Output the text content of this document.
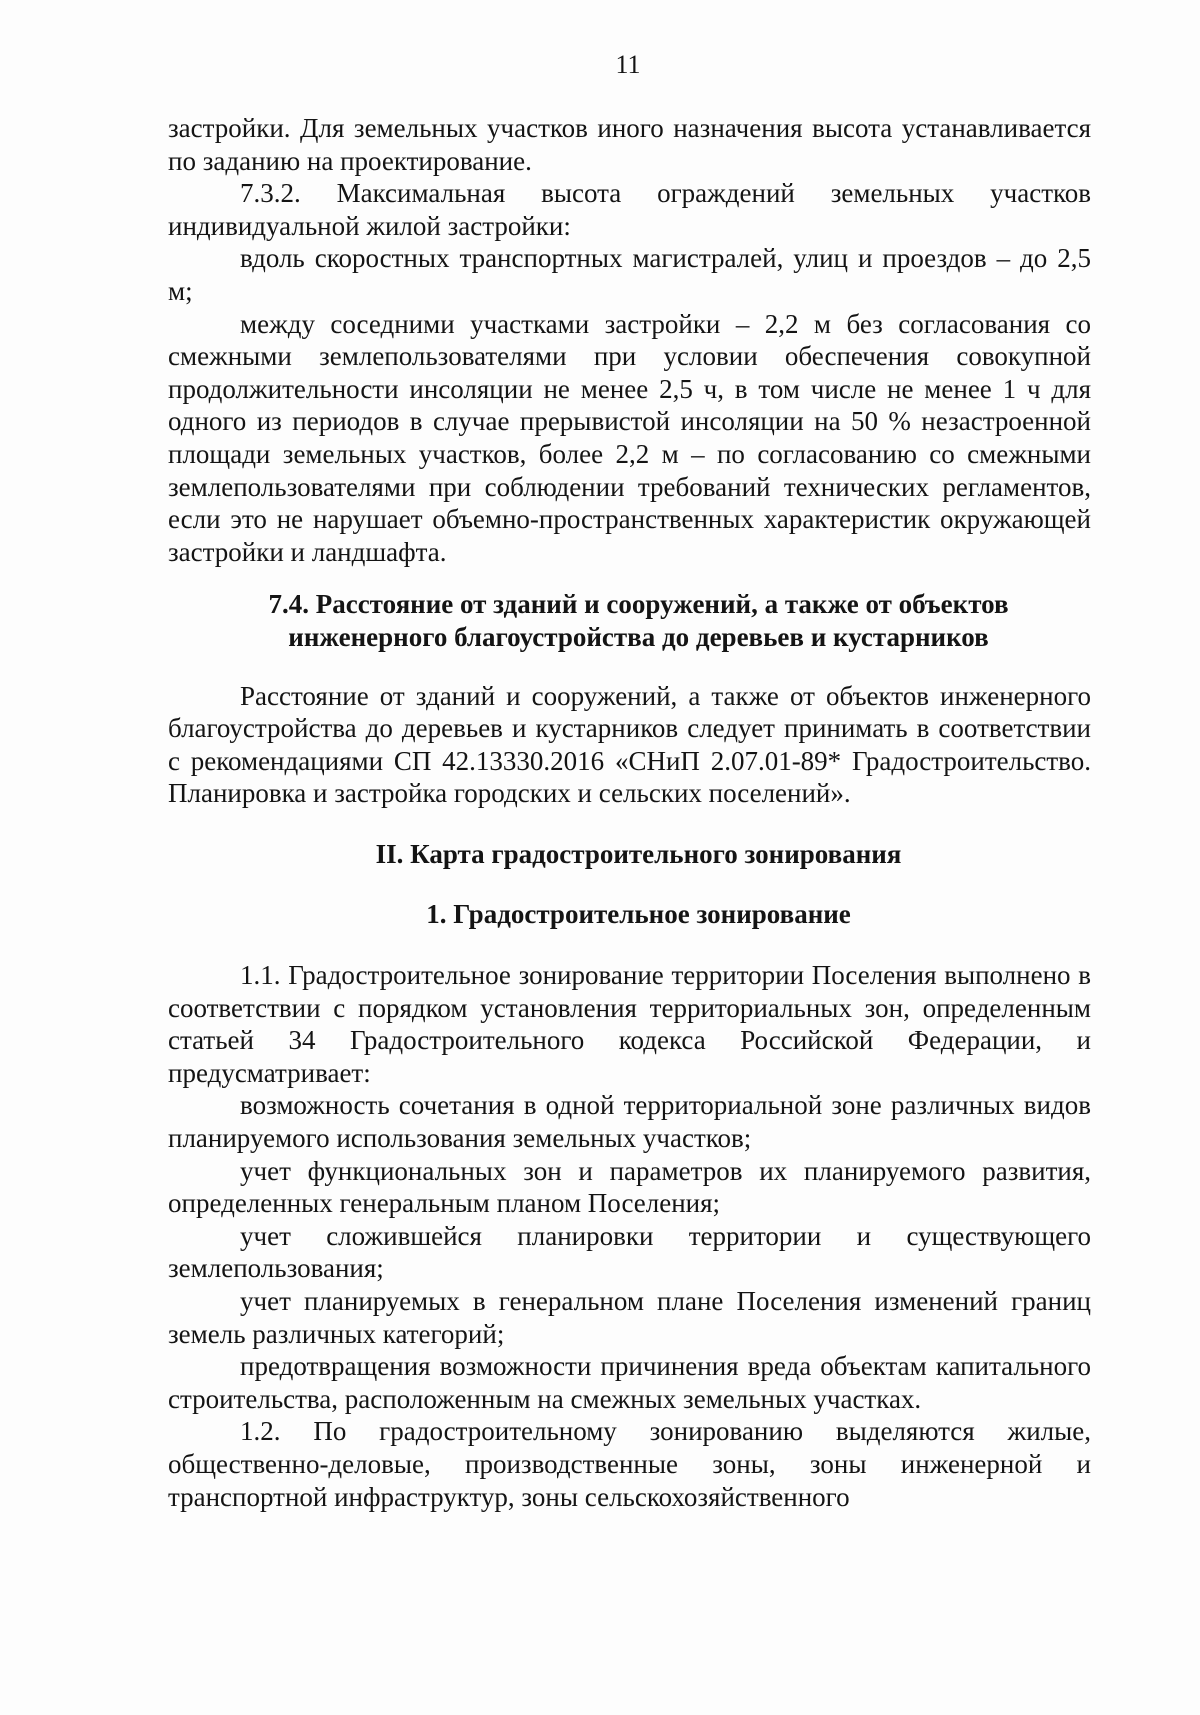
11

застройки. Для земельных участков иного назначения высота устанавливается по заданию на проектирование.

7.3.2. Максимальная высота ограждений земельных участков индивидуальной жилой застройки:

вдоль скоростных транспортных магистралей, улиц и проездов – до 2,5 м;

между соседними участками застройки – 2,2 м без согласования со смежными землепользователями при условии обеспечения совокупной продолжительности инсоляции не менее 2,5 ч, в том числе не менее 1 ч для одного из периодов в случае прерывистой инсоляции на 50 % незастроенной площади земельных участков, более 2,2 м – по согласованию со смежными землепользователями при соблюдении требований технических регламентов, если это не нарушает объемно-пространственных характеристик окружающей застройки и ландшафта.

7.4. Расстояние от зданий и сооружений, а также от объектов
инженерного благоустройства до деревьев и кустарников

Расстояние от зданий и сооружений, а также от объектов инженерного благоустройства до деревьев и кустарников следует принимать в соответствии с рекомендациями СП 42.13330.2016 «СНиП 2.07.01-89* Градостроительство. Планировка и застройка городских и сельских поселений».

II. Карта градостроительного зонирования
1. Градостроительное зонирование

1.1. Градостроительное зонирование территории Поселения выполнено в соответствии с порядком установления территориальных зон, определенным статьей 34 Градостроительного кодекса Российской Федерации, и предусматривает:

возможность сочетания в одной территориальной зоне различных видов планируемого использования земельных участков;

учет функциональных зон и параметров их планируемого развития, определенных генеральным планом Поселения;

учет сложившейся планировки территории и существующего землепользования;

учет планируемых в генеральном плане Поселения изменений границ земель различных категорий;

предотвращения возможности причинения вреда объектам капитального строительства, расположенным на смежных земельных участках.

1.2. По градостроительному зонированию выделяются жилые, общественно-деловые, производственные зоны, зоны инженерной и транспортной инфраструктур, зоны сельскохозяйственного
